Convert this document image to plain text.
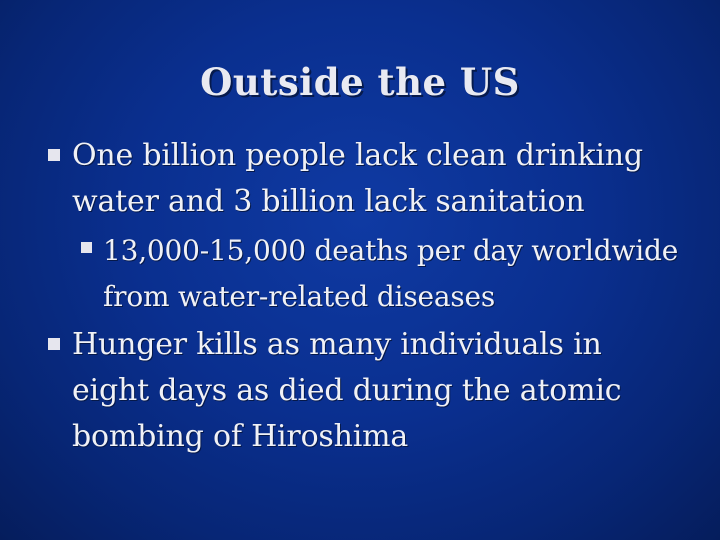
Outside the US
One billion people lack clean drinking water and 3 billion lack sanitation
13,000-15,000 deaths per day worldwide from water-related diseases
Hunger kills as many individuals in eight days as died during the atomic bombing of Hiroshima
